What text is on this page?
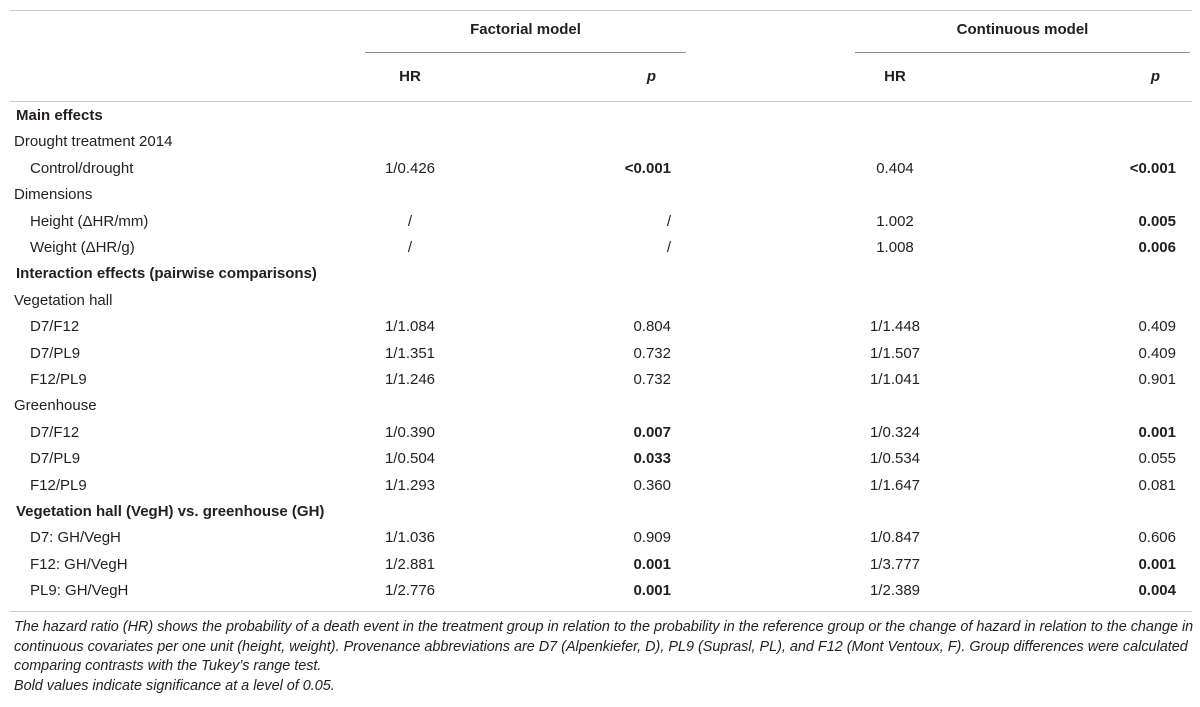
Factorial model	Continuous model
HR	p	HR	p
Main effects
Drought treatment 2014
Control/drought	1/0.426	<0.001	0.404	<0.001
Dimensions
Height (ΔHR/mm)	/	/	1.002	0.005
Weight (ΔHR/g)	/	/	1.008	0.006
Interaction effects (pairwise comparisons)
Vegetation hall
D7/F12	1/1.084	0.804	1/1.448	0.409
D7/PL9	1/1.351	0.732	1/1.507	0.409
F12/PL9	1/1.246	0.732	1/1.041	0.901
Greenhouse
D7/F12	1/0.390	0.007	1/0.324	0.001
D7/PL9	1/0.504	0.033	1/0.534	0.055
F12/PL9	1/1.293	0.360	1/1.647	0.081
Vegetation hall (VegH) vs. greenhouse (GH)
D7: GH/VegH	1/1.036	0.909	1/0.847	0.606
F12: GH/VegH	1/2.881	0.001	1/3.777	0.001
PL9: GH/VegH	1/2.776	0.001	1/2.389	0.004
The hazard ratio (HR) shows the probability of a death event in the treatment group in relation to the probability in the reference group or the change of hazard in relation to the change in continuous covariates per one unit (height, weight). Provenance abbreviations are D7 (Alpenkiefer, D), PL9 (Suprasl, PL), and F12 (Mont Ventoux, F). Group differences were calculated comparing contrasts with the Tukey’s range test.
Bold values indicate significance at a level of 0.05.
